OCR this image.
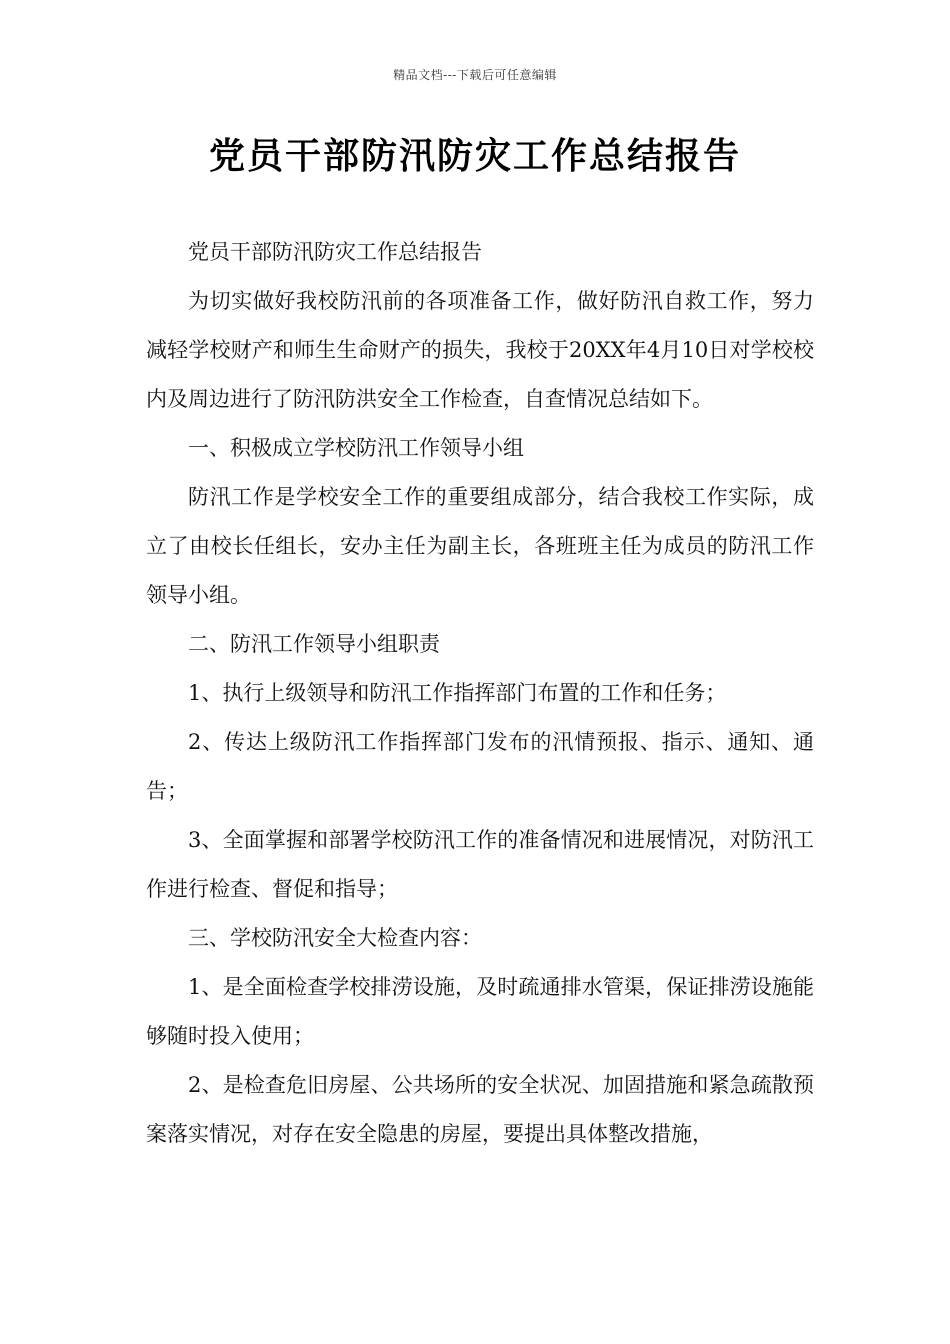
精品文档---下载后可任意编辑
党员干部防汛防灾工作总结报告

党员干部防汛防灾工作总结报告

为切实做好我校防汛前的各项准备工作，做好防汛自救工作，努力减轻学校财产和师生生命财产的损失，我校于20XX年4月10日对学校校内及周边进行了防汛防洪安全工作检查，自查情况总结如下。

一、积极成立学校防汛工作领导小组

防汛工作是学校安全工作的重要组成部分，结合我校工作实际，成立了由校长任组长，安办主任为副主长，各班班主任为成员的防汛工作领导小组。

二、防汛工作领导小组职责

1、执行上级领导和防汛工作指挥部门布置的工作和任务；

2、传达上级防汛工作指挥部门发布的汛情预报、指示、通知、通告；

3、全面掌握和部署学校防汛工作的准备情况和进展情况，对防汛工作进行检查、督促和指导；

三、学校防汛安全大检查内容：

1、是全面检查学校排涝设施，及时疏通排水管渠，保证排涝设施能够随时投入使用；

2、是检查危旧房屋、公共场所的安全状况、加固措施和紧急疏散预案落实情况，对存在安全隐患的房屋，要提出具体整改措施，
